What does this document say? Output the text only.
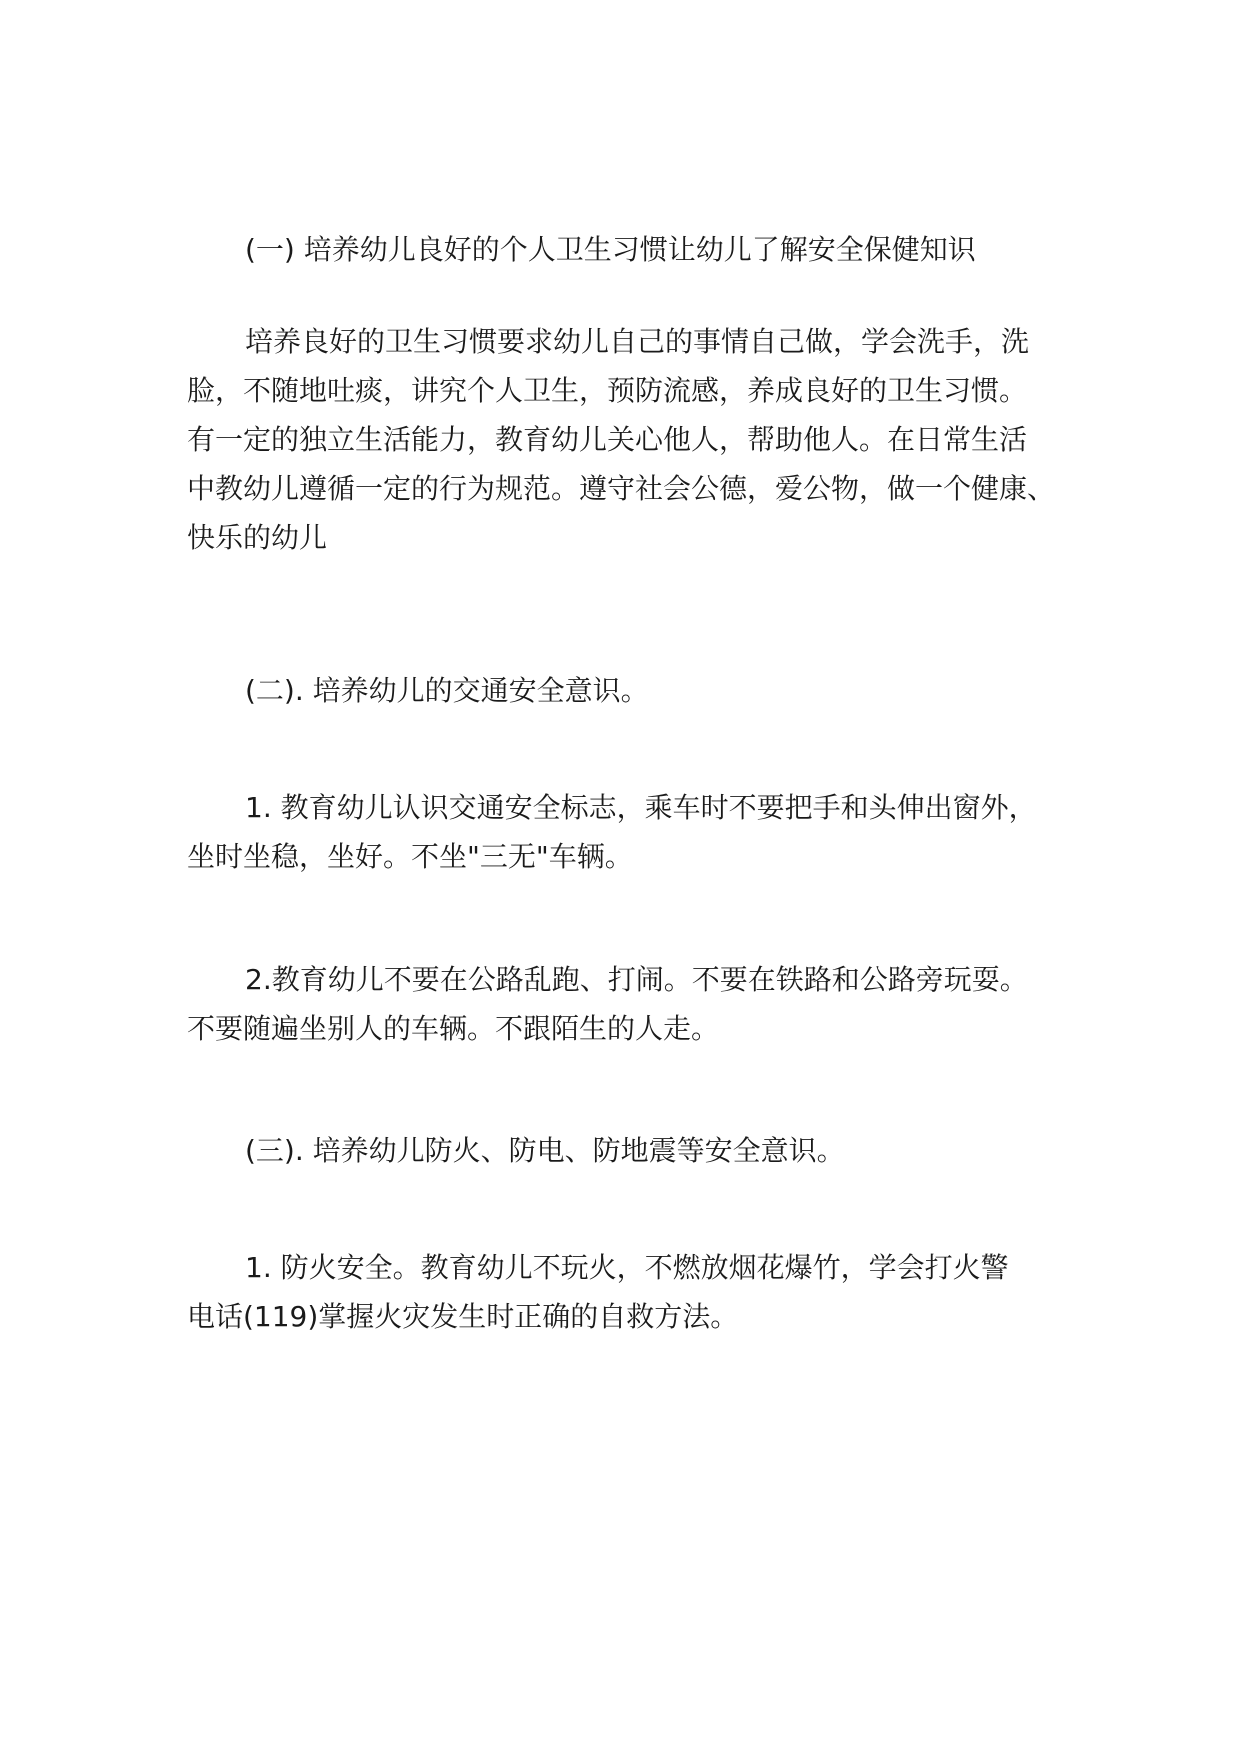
(一) 培养幼儿良好的个人卫生习惯让幼儿了解安全保健知识

培养良好的卫生习惯要求幼儿自己的事情自己做，学会洗手，洗
脸，不随地吐痰，讲究个人卫生，预防流感，养成良好的卫生习惯。
有一定的独立生活能力，教育幼儿关心他人，帮助他人。在日常生活
中教幼儿遵循一定的行为规范。遵守社会公德，爱公物，做一个健康、
快乐的幼儿

(二). 培养幼儿的交通安全意识。

1. 教育幼儿认识交通安全标志，乘车时不要把手和头伸出窗外，
坐时坐稳，坐好。不坐"三无"车辆。

2.教育幼儿不要在公路乱跑、打闹。不要在铁路和公路旁玩耍。
不要随遍坐别人的车辆。不跟陌生的人走。

(三). 培养幼儿防火、防电、防地震等安全意识。

1. 防火安全。教育幼儿不玩火，不燃放烟花爆竹，学会打火警
电话(119)掌握火灾发生时正确的自救方法。
